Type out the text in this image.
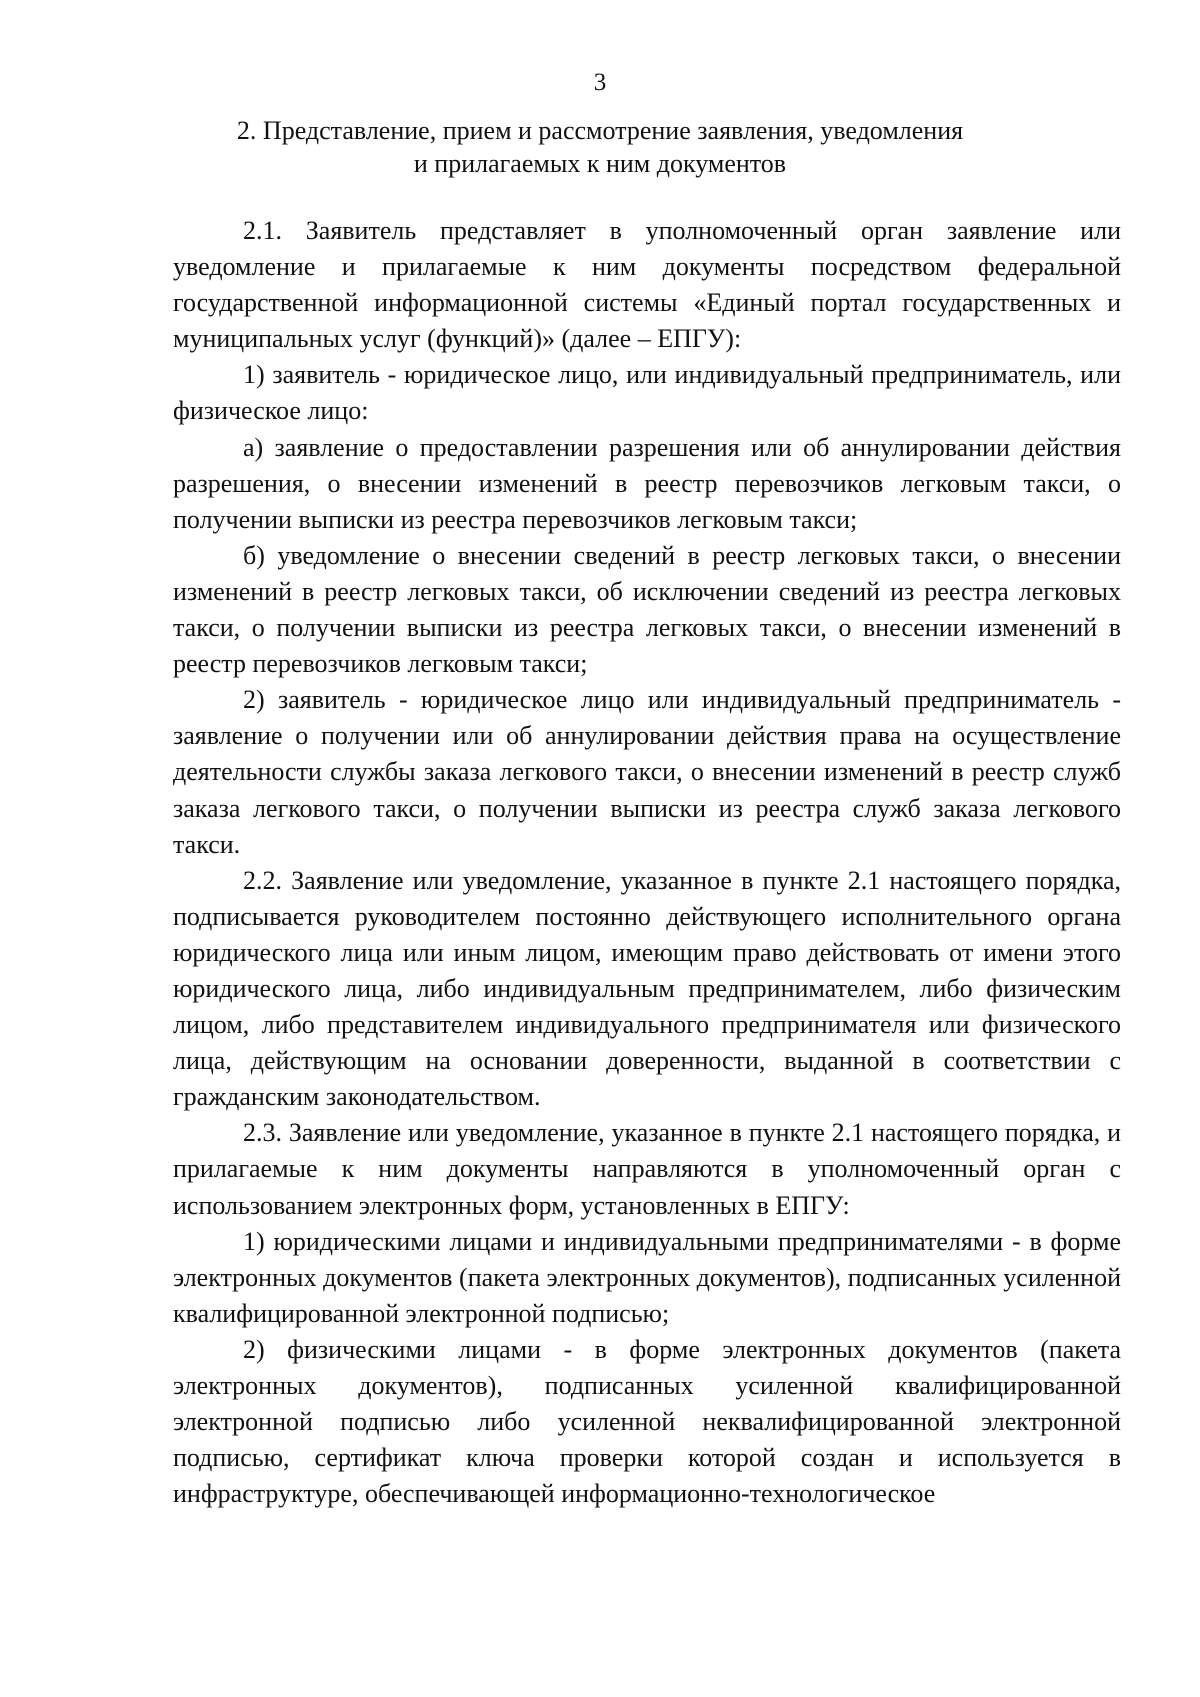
3
2. Представление, прием и рассмотрение заявления, уведомления
и прилагаемых к ним документов

2.1. Заявитель представляет в уполномоченный орган заявление или уведомление и прилагаемые к ним документы посредством федеральной государственной информационной системы «Единый портал государственных и муниципальных услуг (функций)» (далее – ЕПГУ):

1) заявитель - юридическое лицо, или индивидуальный предприниматель, или физическое лицо:

а) заявление о предоставлении разрешения или об аннулировании действия разрешения, о внесении изменений в реестр перевозчиков легковым такси, о получении выписки из реестра перевозчиков легковым такси;

б) уведомление о внесении сведений в реестр легковых такси, о внесении изменений в реестр легковых такси, об исключении сведений из реестра легковых такси, о получении выписки из реестра легковых такси, о внесении изменений в реестр перевозчиков легковым такси;

2) заявитель - юридическое лицо или индивидуальный предприниматель - заявление о получении или об аннулировании действия права на осуществление деятельности службы заказа легкового такси, о внесении изменений в реестр служб заказа легкового такси, о получении выписки из реестра служб заказа легкового такси.

2.2. Заявление или уведомление, указанное в пункте 2.1 настоящего порядка, подписывается руководителем постоянно действующего исполнительного органа юридического лица или иным лицом, имеющим право действовать от имени этого юридического лица, либо индивидуальным предпринимателем, либо физическим лицом, либо представителем индивидуального предпринимателя или физического лица, действующим на основании доверенности, выданной в соответствии с гражданским законодательством.

2.3. Заявление или уведомление, указанное в пункте 2.1 настоящего порядка, и прилагаемые к ним документы направляются в уполномоченный орган с использованием электронных форм, установленных в ЕПГУ:

1) юридическими лицами и индивидуальными предпринимателями - в форме электронных документов (пакета электронных документов), подписанных усиленной квалифицированной электронной подписью;

2) физическими лицами - в форме электронных документов (пакета электронных документов), подписанных усиленной квалифицированной электронной подписью либо усиленной неквалифицированной электронной подписью, сертификат ключа проверки которой создан и используется в инфраструктуре, обеспечивающей информационно-технологическое
